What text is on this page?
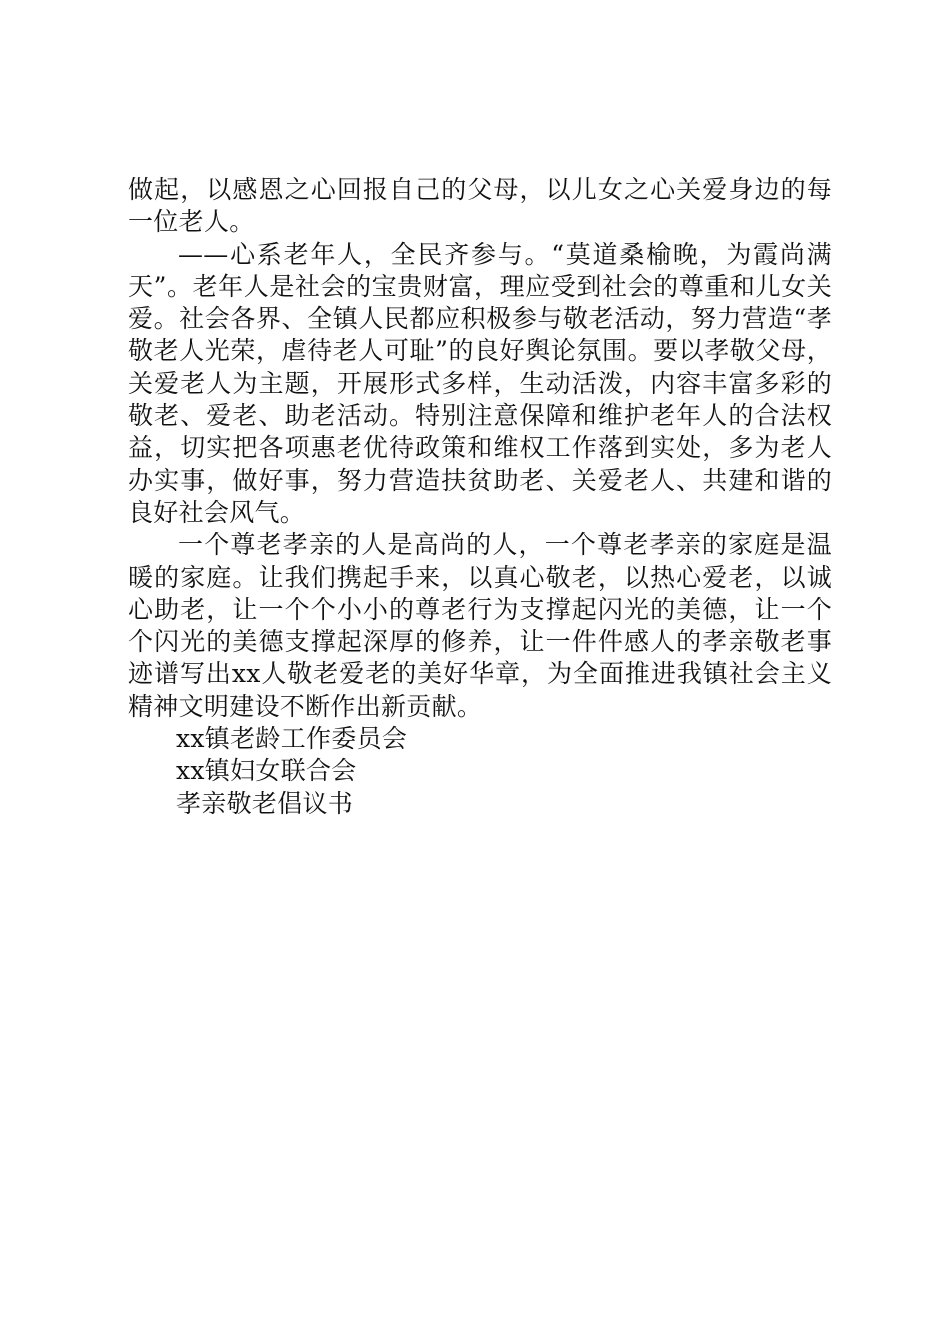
做起，以感恩之心回报自己的父母，以儿女之心关爱身边的每一位老人。

——心系老年人，全民齐参与。“莫道桑榆晚，为霞尚满天”。老年人是社会的宝贵财富，理应受到社会的尊重和儿女关爱。社会各界、全镇人民都应积极参与敬老活动，努力营造“孝敬老人光荣，虐待老人可耻”的良好舆论氛围。要以孝敬父母，关爱老人为主题，开展形式多样，生动活泼，内容丰富多彩的敬老、爱老、助老活动。特别注意保障和维护老年人的合法权益，切实把各项惠老优待政策和维权工作落到实处，多为老人办实事，做好事，努力营造扶贫助老、关爱老人、共建和谐的良好社会风气。

一个尊老孝亲的人是高尚的人，一个尊老孝亲的家庭是温暖的家庭。让我们携起手来，以真心敬老，以热心爱老，以诚心助老，让一个个小小的尊老行为支撑起闪光的美德，让一个个闪光的美德支撑起深厚的修养，让一件件感人的孝亲敬老事迹谱写出xx人敬老爱老的美好华章，为全面推进我镇社会主义精神文明建设不断作出新贡献。

xx镇老龄工作委员会

xx镇妇女联合会

孝亲敬老倡议书
